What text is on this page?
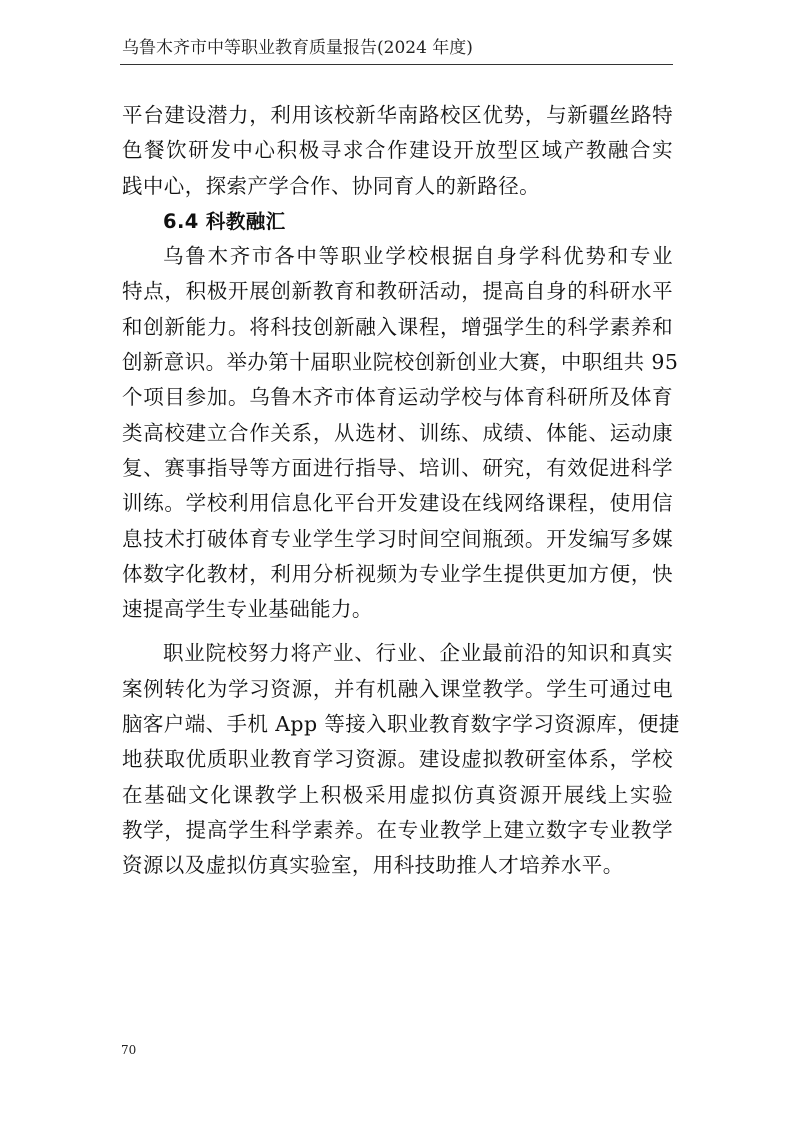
乌鲁木齐市中等职业教育质量报告(2024 年度)
平台建设潜力，利用该校新华南路校区优势，与新疆丝路特
色餐饮研发中心积极寻求合作建设开放型区域产教融合实
践中心，探索产学合作、协同育人的新路径。
6.4 科教融汇
乌鲁木齐市各中等职业学校根据自身学科优势和专业
特点，积极开展创新教育和教研活动，提高自身的科研水平
和创新能力。将科技创新融入课程，增强学生的科学素养和
创新意识。举办第十届职业院校创新创业大赛，中职组共 95
个项目参加。乌鲁木齐市体育运动学校与体育科研所及体育
类高校建立合作关系，从选材、训练、成绩、体能、运动康
复、赛事指导等方面进行指导、培训、研究，有效促进科学
训练。学校利用信息化平台开发建设在线网络课程，使用信
息技术打破体育专业学生学习时间空间瓶颈。开发编写多媒
体数字化教材，利用分析视频为专业学生提供更加方便，快
速提高学生专业基础能力。
职业院校努力将产业、行业、企业最前沿的知识和真实
案例转化为学习资源，并有机融入课堂教学。学生可通过电
脑客户端、手机 App 等接入职业教育数字学习资源库，便捷
地获取优质职业教育学习资源。建设虚拟教研室体系，学校
在基础文化课教学上积极采用虚拟仿真资源开展线上实验
教学，提高学生科学素养。在专业教学上建立数字专业教学
资源以及虚拟仿真实验室，用科技助推人才培养水平。
70
